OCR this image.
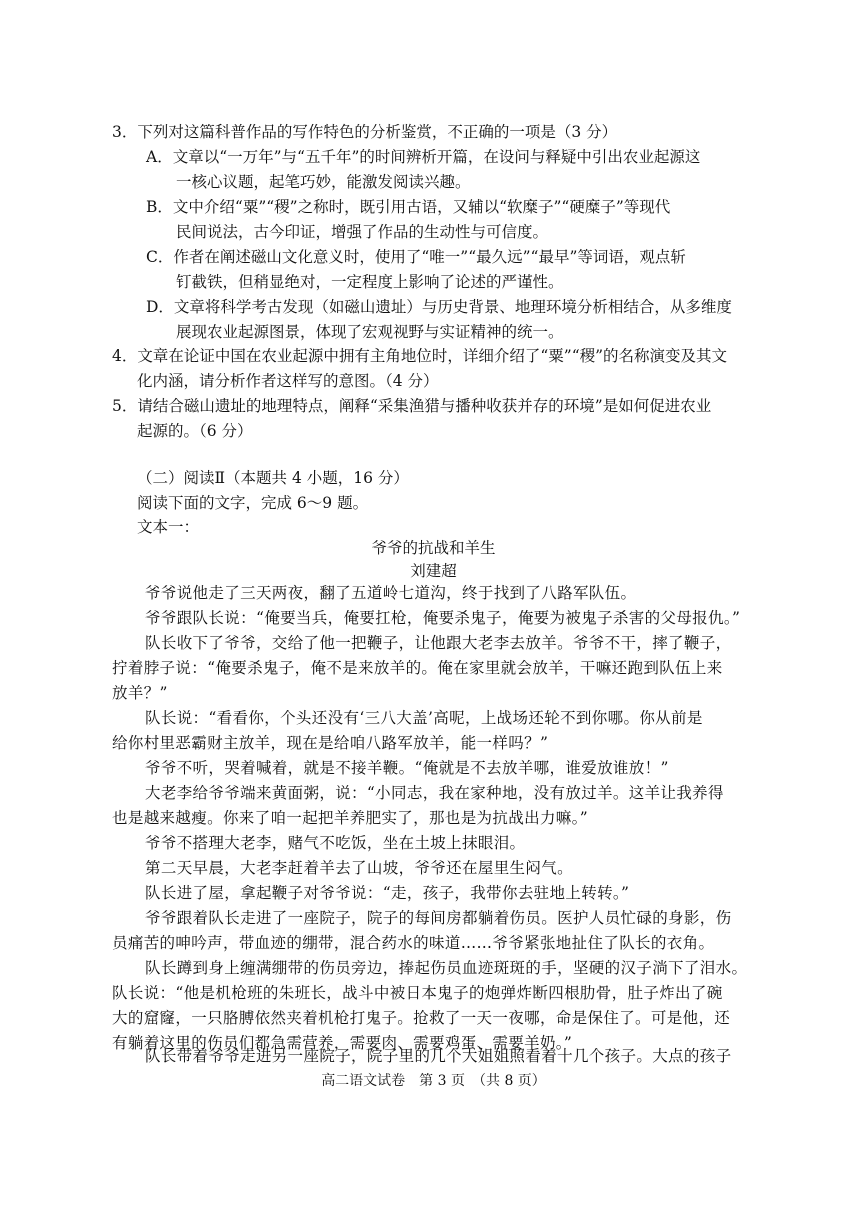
3．下列对这篇科普作品的写作特色的分析鉴赏，不正确的一项是（3 分）
A．文章以“一万年”与“五千年”的时间辨析开篇，在设问与释疑中引出农业起源这
一核心议题，起笔巧妙，能激发阅读兴趣。
B．文中介绍“粟”“稷”之称时，既引用古语，又辅以“软糜子”“硬糜子”等现代
民间说法，古今印证，增强了作品的生动性与可信度。
C．作者在阐述磁山文化意义时，使用了“唯一”“最久远”“最早”等词语，观点斩
钉截铁，但稍显绝对，一定程度上影响了论述的严谨性。
D．文章将科学考古发现（如磁山遗址）与历史背景、地理环境分析相结合，从多维度
展现农业起源图景，体现了宏观视野与实证精神的统一。
4．文章在论证中国在农业起源中拥有主角地位时，详细介绍了“粟”“稷”的名称演变及其文
化内涵，请分析作者这样写的意图。（4 分）
5．请结合磁山遗址的地理特点，阐释“采集渔猎与播种收获并存的环境”是如何促进农业
起源的。（6 分）
（二）阅读Ⅱ（本题共 4 小题，16 分）
阅读下面的文字，完成 6～9 题。
文本一：
爷爷的抗战和羊生
刘建超
爷爷说他走了三天两夜，翻了五道岭七道沟，终于找到了八路军队伍。
爷爷跟队长说：“俺要当兵，俺要扛枪，俺要杀鬼子，俺要为被鬼子杀害的父母报仇。”
队长收下了爷爷，交给了他一把鞭子，让他跟大老李去放羊。爷爷不干，摔了鞭子，
拧着脖子说：“俺要杀鬼子，俺不是来放羊的。俺在家里就会放羊，干嘛还跑到队伍上来
放羊？”
队长说：“看看你，个头还没有‘三八大盖’高呢，上战场还轮不到你哪。你从前是
给你村里恶霸财主放羊，现在是给咱八路军放羊，能一样吗？”
爷爷不听，哭着喊着，就是不接羊鞭。“俺就是不去放羊哪，谁爱放谁放！”
大老李给爷爷端来黄面粥，说：“小同志，我在家种地，没有放过羊。这羊让我养得
也是越来越瘦。你来了咱一起把羊养肥实了，那也是为抗战出力嘛。”
爷爷不搭理大老李，赌气不吃饭，坐在土坡上抹眼泪。
第二天早晨，大老李赶着羊去了山坡，爷爷还在屋里生闷气。
队长进了屋，拿起鞭子对爷爷说：“走，孩子，我带你去驻地上转转。”
爷爷跟着队长走进了一座院子，院子的每间房都躺着伤员。医护人员忙碌的身影，伤
员痛苦的呻吟声，带血迹的绷带，混合药水的味道……爷爷紧张地扯住了队长的衣角。
队长蹲到身上缠满绷带的伤员旁边，捧起伤员血迹斑斑的手，坚硬的汉子淌下了泪水。
队长说：“他是机枪班的朱班长，战斗中被日本鬼子的炮弹炸断四根肋骨，肚子炸出了碗
大的窟窿，一只胳膊依然夹着机枪打鬼子。抢救了一天一夜哪，命是保住了。可是他，还
有躺着这里的伤员们都急需营养，需要肉、需要鸡蛋、需要羊奶。”
队长带着爷爷走进另一座院子，院子里的几个大姐姐照看着十几个孩子。大点的孩子
高二语文试卷　第 3 页　（共 8 页）
